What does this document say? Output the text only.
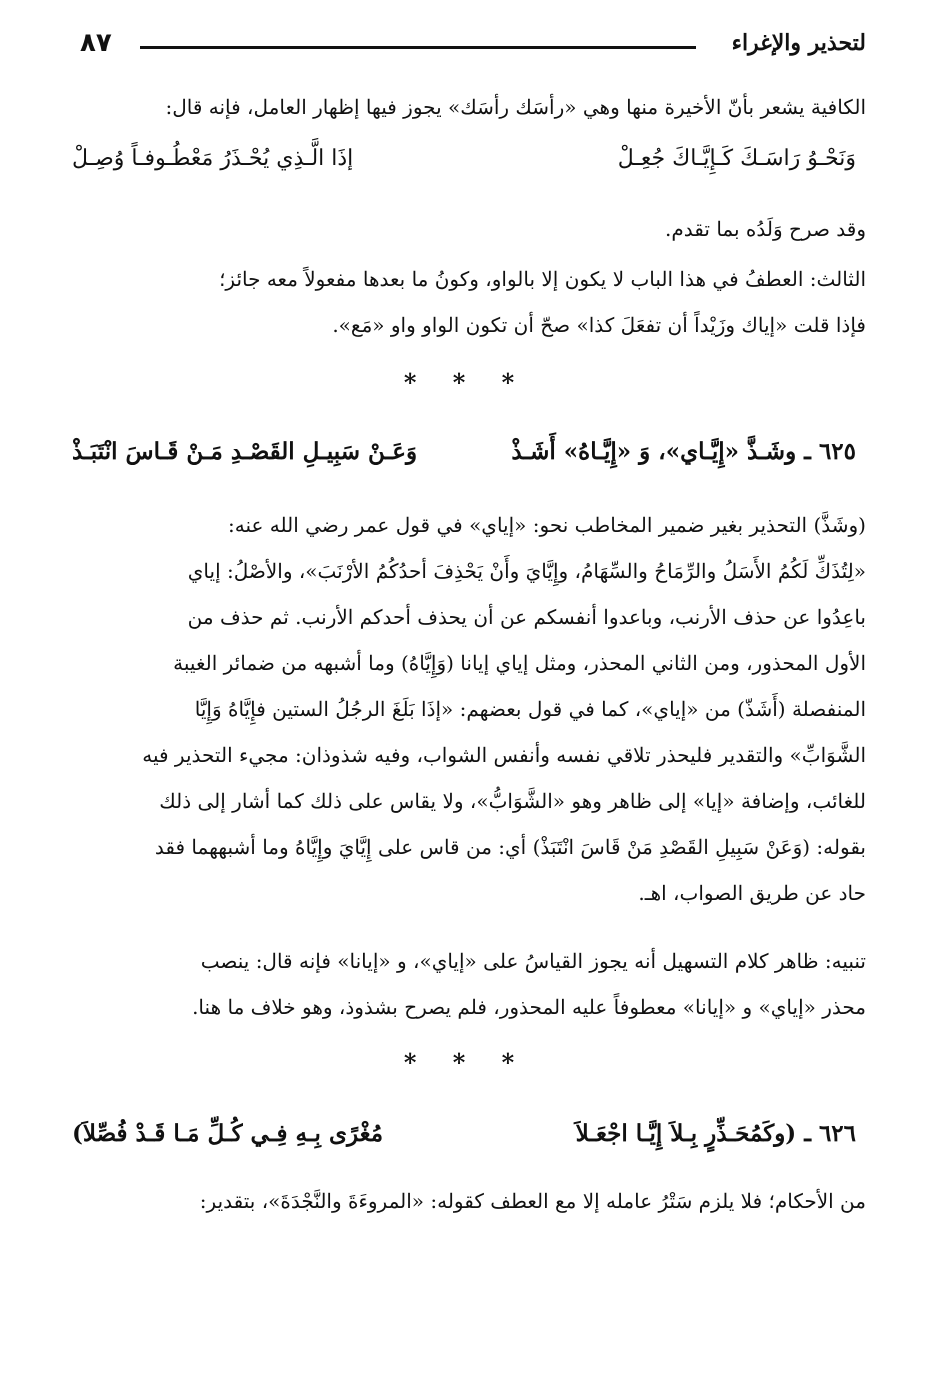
لتحذير والإغراء
٨٧
الكافية يشعر بأنّ الأخيرة منها وهي «رأسَك رأسَك» يجوز فيها إظهار العامل، فإنه قال:
وَنَحْـوُ رَاسَـكَ كَـإِيَّـاكَ جُعِـلْ
إذَا الَّـذِي يُحْـذَرُ مَعْطُـوفـاً وُصِـلْ
وقد صرح وَلَدُه بما تقدم.
الثالث: العطفُ في هذا الباب لا يكون إلا بالواو، وكونُ ما بعدها مفعولاً معه جائز؛
فإذا قلت «إياك وزَيْداً أن تفعَلَ كذا» صحّ أن تكون الواو واو «مَع».
* * *
٦٢٥ ـ وشَـذَّ «إِيَّـاي»، وَ «إِيَّـاهُ» أَشَـذْ
وَعَـنْ سَبِيـلِ القَصْـدِ مَـنْ قَـاسَ انْتَبَـذْ
(وشَذَّ) التحذير بغير ضمير المخاطب نحو: «إياي» في قول عمر رضي الله عنه:
«لِتُذَكِّ لَكُمُ الأَسَلُ والرِّمَاحُ والسِّهَامُ، وإِيَّايَ وأَنْ يَحْذِفَ أحدُكُمُ الأرْنَبَ»، والأصْلُ: إياي
باعِدُوا عن حذف الأرنب، وباعدوا أنفسكم عن أن يحذف أحدكم الأرنب. ثم حذف من
الأول المحذور، ومن الثاني المحذر، ومثل إياي إيانا (وَإِيَّاهُ) وما أشبهه من ضمائر الغيبة
المنفصلة (أَشَذّ) من «إياي»، كما في قول بعضهم: «إذَا بَلَغَ الرجُلُ الستين فإِيَّاهُ وَإِيَّا
الشَّوَابِّ» والتقدير فليحذر تلاقي نفسه وأنفس الشواب، وفيه شذوذان: مجيء التحذير فيه
للغائب، وإضافة «إيا» إلى ظاهر وهو «الشَّوَابُّ»، ولا يقاس على ذلك كما أشار إلى ذلك
بقوله: (وَعَنْ سَبِيلِ القَصْدِ مَنْ قَاسَ انْتَبَذْ) أي: من قاس على إِيَّايَ وإِيَّاهُ وما أشبههما فقد
حاد عن طريق الصواب، اهـ.
تنبيه: ظاهر كلام التسهيل أنه يجوز القياسُ على «إياي»، و «إيانا» فإنه قال: ينصب
محذر «إياي» و «إيانا» معطوفاً عليه المحذور، فلم يصرح بشذوذ، وهو خلاف ما هنا.
* * *
٦٢٦ ـ (وكَمُحَـذِّرٍ بِـلاَ إِيَّـا اجْعَـلاَ
مُغْرًى بِـهِ فِـي كُـلِّ مَـا قَـدْ فُصِّلاَ)
من الأحكام؛ فلا يلزم سَتْرُ عامله إلا مع العطف كقوله: «المروءَةَ والنَّجْدَةَ»، بتقدير:
